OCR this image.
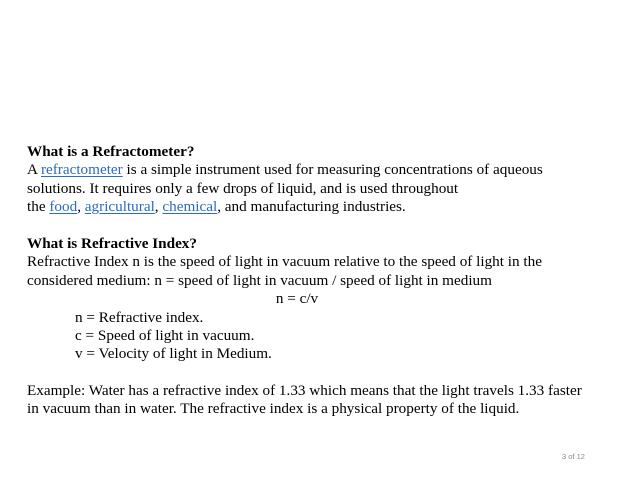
What is a Refractometer?
A refractometer is a simple instrument used for measuring concentrations of aqueous
solutions. It requires only a few drops of liquid, and is used throughout
the food, agricultural, chemical, and manufacturing industries.
What is Refractive Index?
Refractive Index n is the speed of light in vacuum relative to the speed of light in the
considered medium: n = speed of light in vacuum / speed of light in medium
n = c/v
n = Refractive index.
c = Speed of light in vacuum.
v = Velocity of light in Medium.
Example: Water has a refractive index of 1.33 which means that the light travels 1.33 faster
in vacuum than in water. The refractive index is a physical property of the liquid.
3 of 12
